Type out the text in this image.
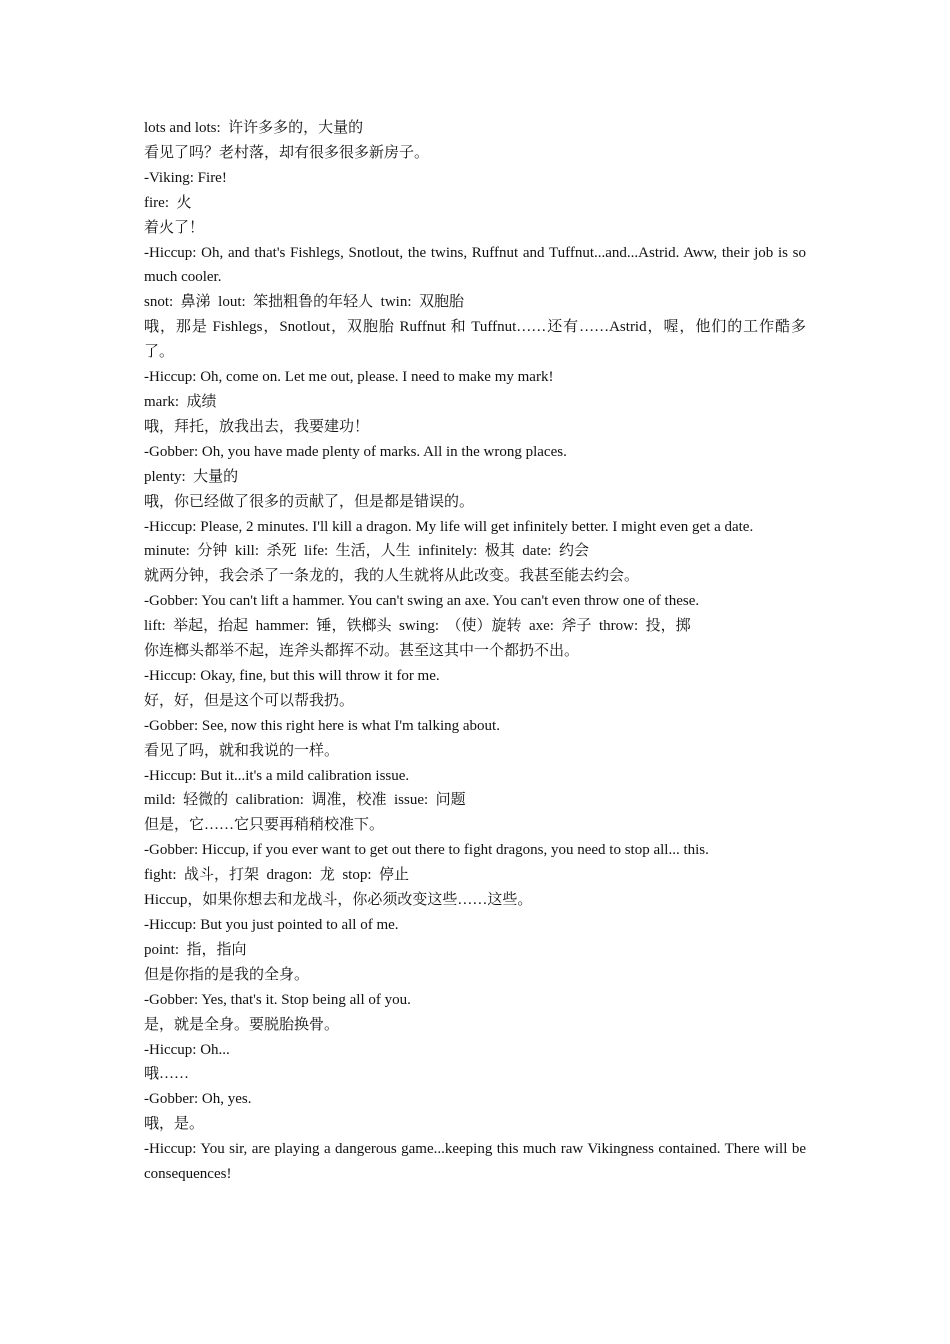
lots and lots:  许许多多的，大量的

看见了吗？老村落，却有很多很多新房子。

-Viking: Fire!

fire:  火

着火了！

-Hiccup: Oh, and that's Fishlegs, Snotlout, the twins, Ruffnut and Tuffnut...and...Astrid. Aww, their job is so much cooler.

snot:  鼻涕  lout:  笨拙粗鲁的年轻人  twin:  双胞胎

哦，那是 Fishlegs，Snotlout，双胞胎 Ruffnut 和 Tuffnut……还有……Astrid，喔，他们的工作酷多了。

-Hiccup: Oh, come on. Let me out, please. I need to make my mark!

mark:  成绩

哦，拜托，放我出去，我要建功！

-Gobber: Oh, you have made plenty of marks. All in the wrong places.

plenty:  大量的

哦，你已经做了很多的贡献了，但是都是错误的。

-Hiccup: Please, 2 minutes. I'll kill a dragon. My life will get infinitely better. I might even get a date.

minute:  分钟  kill:  杀死  life:  生活，人生  infinitely:  极其  date:  约会

就两分钟，我会杀了一条龙的，我的人生就将从此改变。我甚至能去约会。

-Gobber: You can't lift a hammer. You can't swing an axe. You can't even throw one of these.

lift:  举起，抬起  hammer:  锤，铁榔头  swing:  （使）旋转  axe:  斧子  throw:  投，掷

你连榔头都举不起，连斧头都挥不动。甚至这其中一个都扔不出。

-Hiccup: Okay, fine, but this will throw it for me.

好，好，但是这个可以帮我扔。

-Gobber: See, now this right here is what I'm talking about.

看见了吗，就和我说的一样。

-Hiccup: But it...it's a mild calibration issue.

mild:  轻微的  calibration:  调准，校准  issue:  问题

但是，它……它只要再稍稍校准下。

-Gobber: Hiccup, if you ever want to get out there to fight dragons, you need to stop all... this.

fight:  战斗，打架  dragon:  龙  stop:  停止

Hiccup，如果你想去和龙战斗，你必须改变这些……这些。

-Hiccup: But you just pointed to all of me.

point:  指，指向

但是你指的是我的全身。

-Gobber: Yes, that's it. Stop being all of you.

是，就是全身。要脱胎换骨。

-Hiccup: Oh...

哦……

-Gobber: Oh, yes.

哦，是。

-Hiccup: You sir, are playing a dangerous game...keeping this much raw Vikingness contained. There will be consequences!
